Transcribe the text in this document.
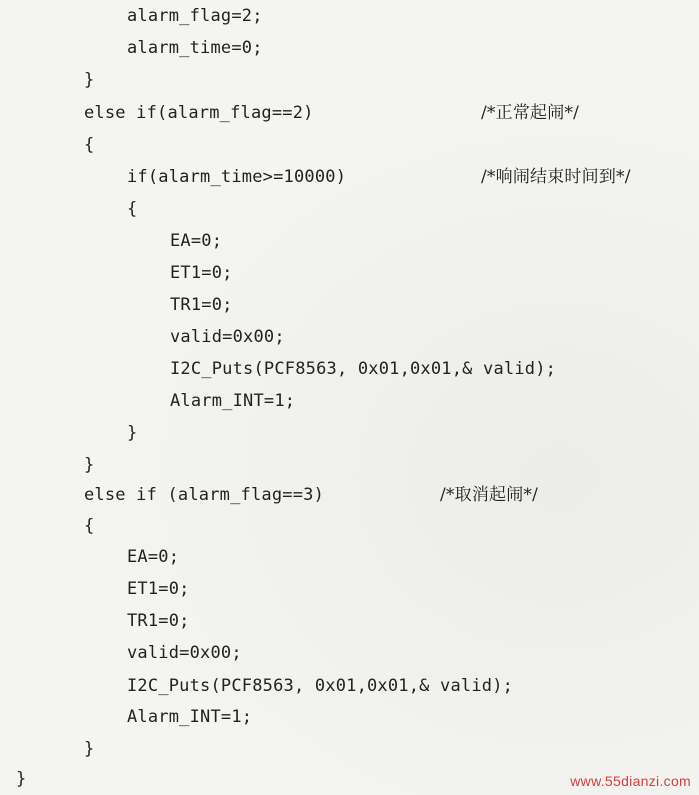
alarm_flag=2;
alarm_time=0;
}
else if(alarm_flag==2)	/*正常起闹*/
{
if(alarm_time>=10000)	/*响闹结束时间到*/
{
EA=0;
ET1=0;
TR1=0;
valid=0x00;
I2C_Puts(PCF8563, 0x01,0x01,& valid);
Alarm_INT=1;
}
}
else if (alarm_flag==3)	/*取消起闹*/
{
EA=0;
ET1=0;
TR1=0;
valid=0x00;
I2C_Puts(PCF8563, 0x01,0x01,& valid);
Alarm_INT=1;
}
}	www.55dianzi.com
